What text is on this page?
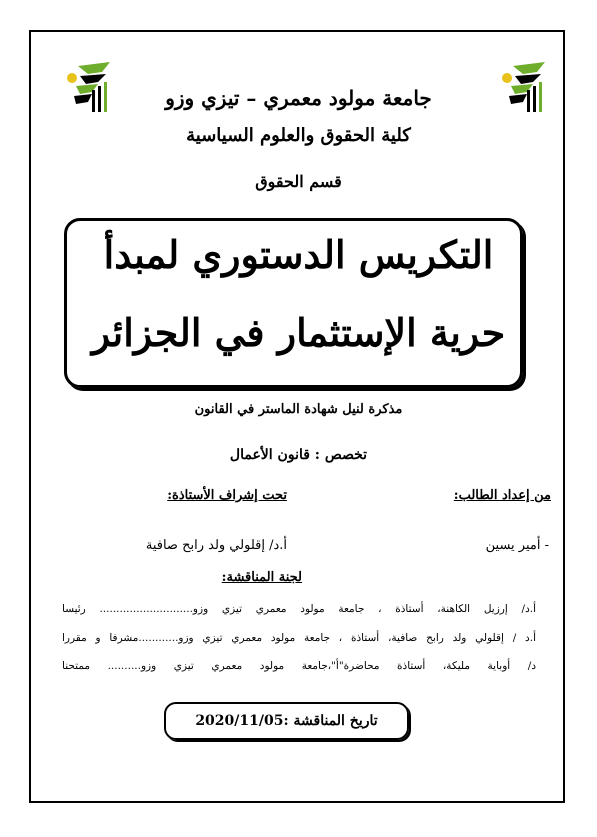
جامعة مولود معمري – تيزي وزو
كلية الحقوق والعلوم السياسية
قسم الحقوق
التكريس الدستوري لمبدأ
حرية الإستثمار في الجزائر
مذكرة لنيل شهادة الماستر في القانون
تخصص : قانون الأعمال
من إعداد الطالب:
تحت إشراف الأستاذة:
- أمير يسين
أ.د/ إقلولي ولد رابح صافية
لجنة المناقشة:
أ.د/ إرزيل الكاهنة، أستاذة ، جامعة مولود معمري تيزي وزو............................ رئيسا
أ.د / إقلولي ولد رابح صافية، أستاذة ، جامعة مولود معمري تيزي وزو............مشرفا و مقررا
د/ أوباية مليكة، أستاذة محاضرة"أ"،جامعة مولود معمري تيزي وزو.......... ممتحنا
تاريخ المناقشة :2020/11/05
